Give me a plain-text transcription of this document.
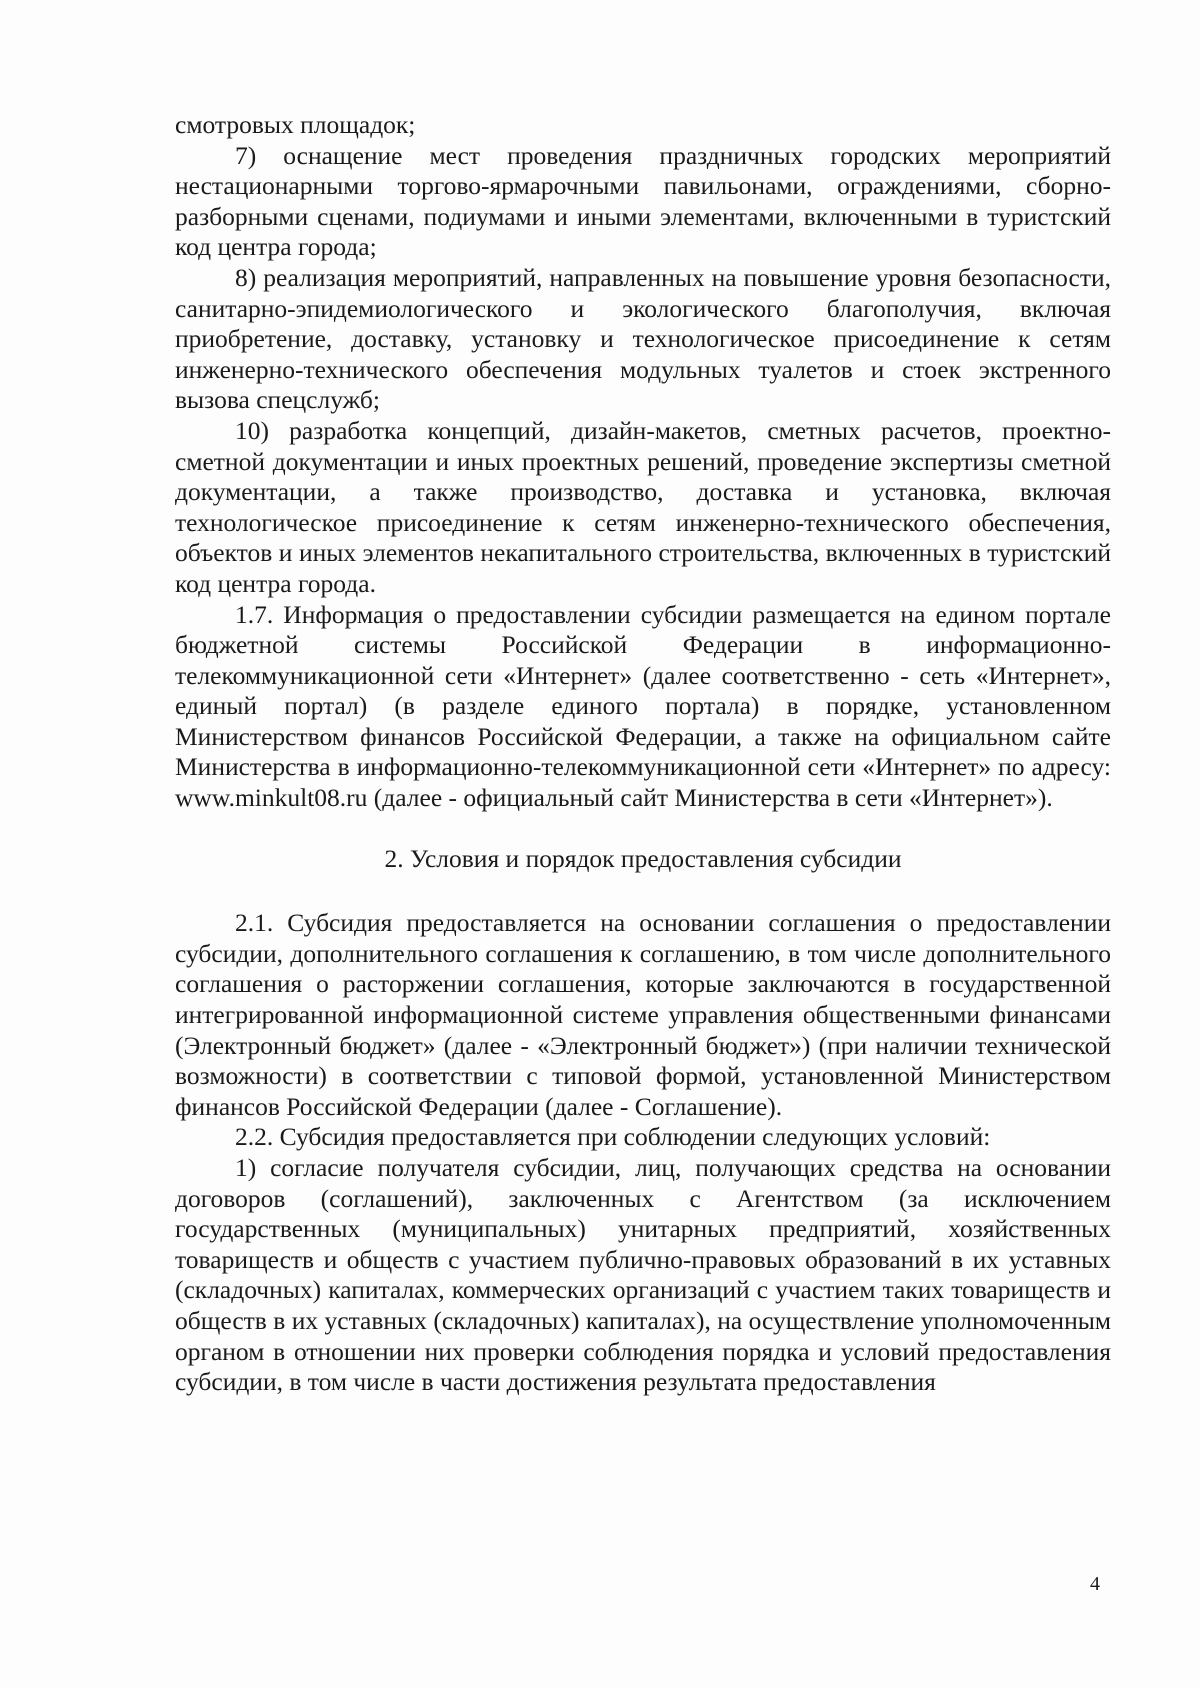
смотровых площадок;

7) оснащение мест проведения праздничных городских мероприятий нестационарными торгово-ярмарочными павильонами, ограждениями, сборно-разборными сценами, подиумами и иными элементами, включенными в туристский код центра города;

8) реализация мероприятий, направленных на повышение уровня безопасности, санитарно-эпидемиологического и экологического благополучия, включая приобретение, доставку, установку и технологическое присоединение к сетям инженерно-технического обеспечения модульных туалетов и стоек экстренного вызова спецслужб;

10) разработка концепций, дизайн-макетов, сметных расчетов, проектно-сметной документации и иных проектных решений, проведение экспертизы сметной документации, а также производство, доставка и установка, включая технологическое присоединение к сетям инженерно-технического обеспечения, объектов и иных элементов некапитального строительства, включенных в туристский код центра города.

1.7. Информация о предоставлении субсидии размещается на едином портале бюджетной системы Российской Федерации в информационно-телекоммуникационной сети «Интернет» (далее соответственно - сеть «Интернет», единый портал) (в разделе единого портала) в порядке, установленном Министерством финансов Российской Федерации, а также на официальном сайте Министерства в информационно-телекоммуникационной сети «Интернет» по адресу: www.minkult08.ru (далее - официальный сайт Министерства в сети «Интернет»).

2. Условия и порядок предоставления субсидии

2.1. Субсидия предоставляется на основании соглашения о предоставлении субсидии, дополнительного соглашения к соглашению, в том числе дополнительного соглашения о расторжении соглашения, которые заключаются в государственной интегрированной информационной системе управления общественными финансами (Электронный бюджет» (далее - «Электронный бюджет») (при наличии технической возможности) в соответствии с типовой формой, установленной Министерством финансов Российской Федерации (далее - Соглашение).

2.2. Субсидия предоставляется при соблюдении следующих условий:

1) согласие получателя субсидии, лиц, получающих средства на основании договоров (соглашений), заключенных с Агентством (за исключением государственных (муниципальных) унитарных предприятий, хозяйственных товариществ и обществ с участием публично-правовых образований в их уставных (складочных) капиталах, коммерческих организаций с участием таких товариществ и обществ в их уставных (складочных) капиталах), на осуществление уполномоченным органом в отношении них проверки соблюдения порядка и условий предоставления субсидии, в том числе в части достижения результата предоставления

4
